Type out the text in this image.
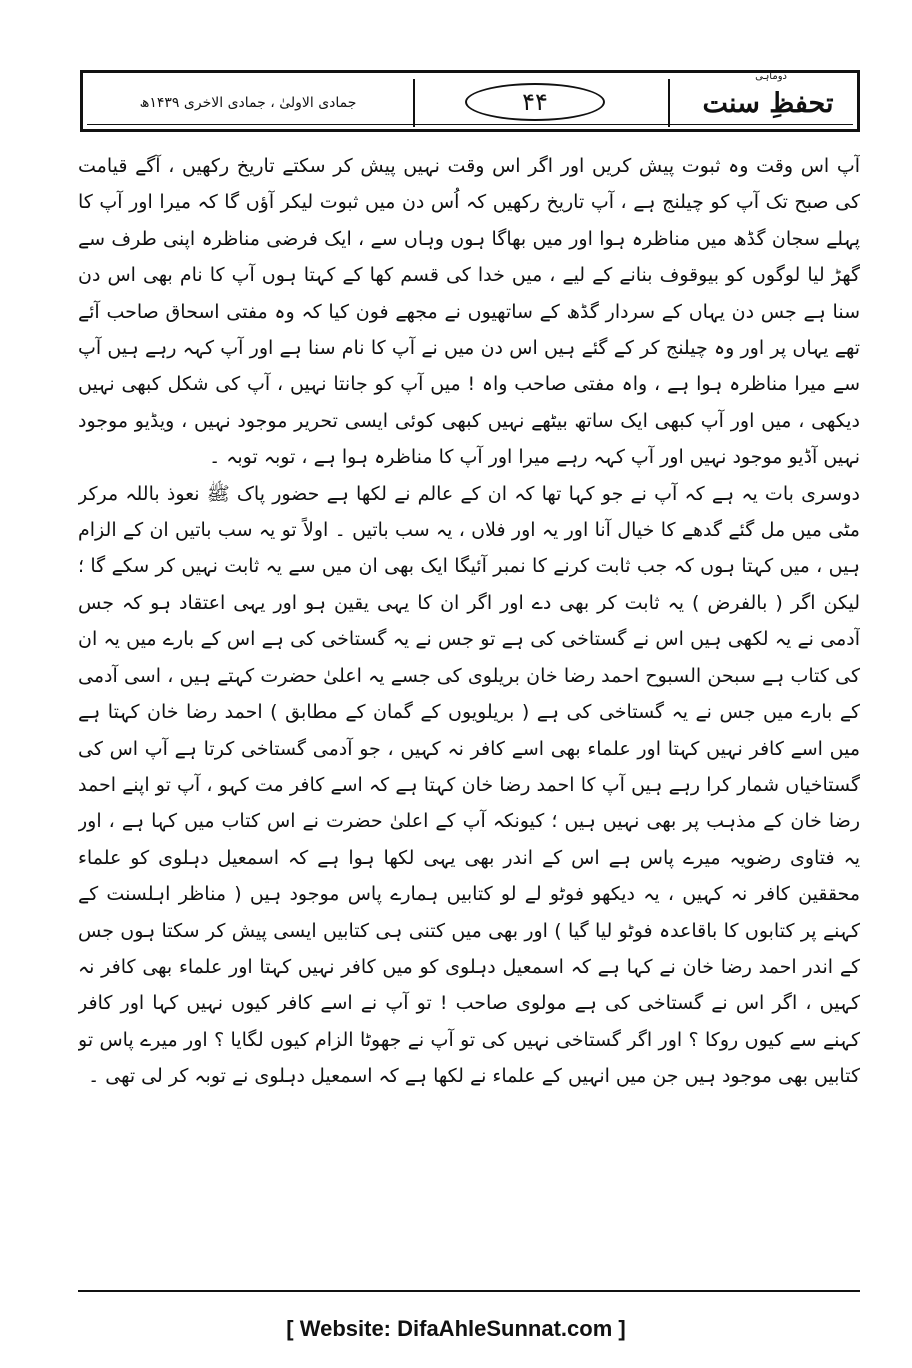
دوماہی
تحفظِ سنت
۴۴
جمادی الاولیٰ ، جمادی الاخری ۱۴۳۹ھ

آپ اس وقت وہ ثبوت پیش کریں اور اگر اس وقت نہیں پیش کر سکتے تاریخ رکھیں ، آگے قیامت کی صبح تک آپ کو چیلنج ہے ، آپ تاریخ رکھیں کہ اُس دن میں ثبوت لیکر آؤں گا کہ میرا اور آپ کا پہلے سجان گڈھ میں مناظرہ ہوا اور میں بھاگا ہوں وہاں سے ، ایک فرضی مناظرہ اپنی طرف سے گھڑ لیا لوگوں کو بیوقوف بنانے کے لیے ، میں خدا کی قسم کھا کے کہتا ہوں آپ کا نام بھی اس دن سنا ہے جس دن یہاں کے سردار گڈھ کے ساتھیوں نے مجھے فون کیا کہ وہ مفتی اسحاق صاحب آئے تھے یہاں پر اور وہ چیلنج کر کے گئے ہیں اس دن میں نے آپ کا نام سنا ہے اور آپ کہہ رہے ہیں آپ سے میرا مناظرہ ہوا ہے ، واہ مفتی صاحب واہ ! میں آپ کو جانتا نہیں ، آپ کی شکل کبھی نہیں دیکھی ، میں اور آپ کبھی ایک ساتھ بیٹھے نہیں کبھی کوئی ایسی تحریر موجود نہیں ، ویڈیو موجود نہیں آڈیو موجود نہیں اور آپ کہہ رہے میرا اور آپ کا مناظرہ ہوا ہے ، توبہ توبہ ۔

دوسری بات یہ ہے کہ آپ نے جو کہا تھا کہ ان کے عالم نے لکھا ہے حضور پاک ﷺ نعوذ باللہ مرکر مٹی میں مل گئے گدھے کا خیال آنا اور یہ اور فلاں ، یہ سب باتیں ۔ اولاً تو یہ سب باتیں ان کے الزام ہیں ، میں کہتا ہوں کہ جب ثابت کرنے کا نمبر آئیگا ایک بھی ان میں سے یہ ثابت نہیں کر سکے گا ؛ لیکن اگر ( بالفرض ) یہ ثابت کر بھی دے اور اگر ان کا یہی یقین ہو اور یہی اعتقاد ہو کہ جس آدمی نے یہ لکھی ہیں اس نے گستاخی کی ہے تو جس نے یہ گستاخی کی ہے اس کے بارے میں یہ ان کی کتاب ہے سبحن السبوح احمد رضا خان بریلوی کی جسے یہ اعلیٰ حضرت کہتے ہیں ، اسی آدمی کے بارے میں جس نے یہ گستاخی کی ہے ( بریلویوں کے گمان کے مطابق ) احمد رضا خان کہتا ہے میں اسے کافر نہیں کہتا اور علماء بھی اسے کافر نہ کہیں ، جو آدمی گستاخی کرتا ہے آپ اس کی گستاخیاں شمار کرا رہے ہیں آپ کا احمد رضا خان کہتا ہے کہ اسے کافر مت کہو ، آپ تو اپنے احمد رضا خان کے مذہب پر بھی نہیں ہیں ؛ کیونکہ آپ کے اعلیٰ حضرت نے اس کتاب میں کہا ہے ، اور یہ فتاوی رضویہ میرے پاس ہے اس کے اندر بھی یہی لکھا ہوا ہے کہ اسمعیل دہلوی کو علماء محققین کافر نہ کہیں ، یہ دیکھو فوٹو لے لو کتابیں ہمارے پاس موجود ہیں ( مناظر اہلسنت کے کہنے پر کتابوں کا باقاعدہ فوٹو لیا گیا ) اور بھی میں کتنی ہی کتابیں ایسی پیش کر سکتا ہوں جس کے اندر احمد رضا خان نے کہا ہے کہ اسمعیل دہلوی کو میں کافر نہیں کہتا اور علماء بھی کافر نہ کہیں ، اگر اس نے گستاخی کی ہے مولوی صاحب ! تو آپ نے اسے کافر کیوں نہیں کہا اور کافر کہنے سے کیوں روکا ؟ اور اگر گستاخی نہیں کی تو آپ نے جھوٹا الزام کیوں لگایا ؟ اور میرے پاس تو کتابیں بھی موجود ہیں جن میں انہیں کے علماء نے لکھا ہے کہ اسمعیل دہلوی نے توبہ کر لی تھی ۔

[ Website: DifaAhleSunnat.com ]
